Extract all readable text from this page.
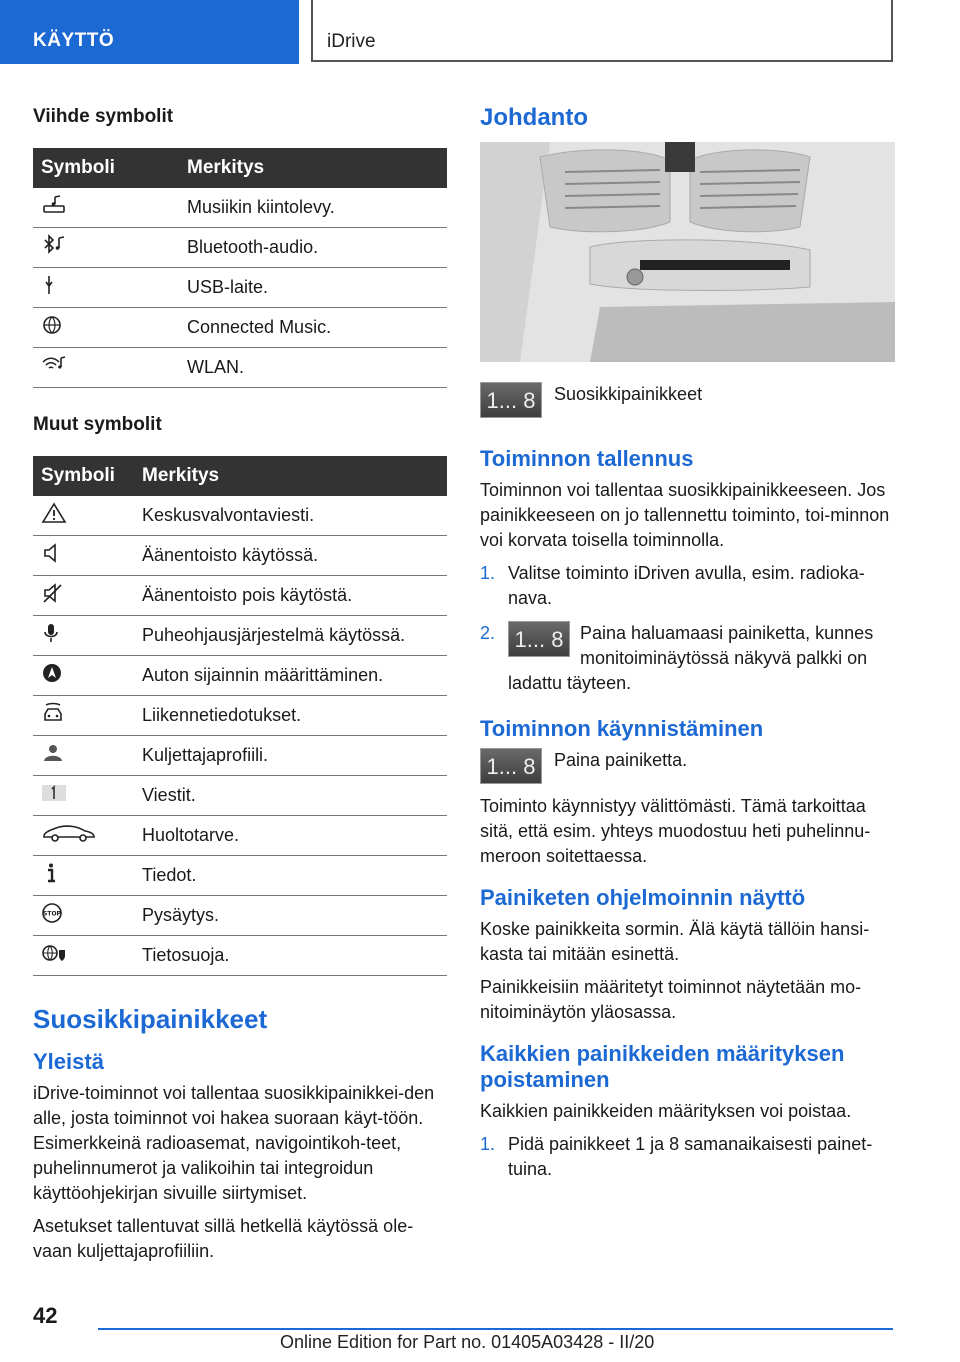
KÄYTTÖ	iDrive
Viihde symbolit
Symboli	Merkitys
	Musiikin kiintolevy.
	Bluetooth-audio.
	USB-laite.
	Connected Music.
	WLAN.
Muut symbolit
Symboli	Merkitys
	Keskusvalvontaviesti.
	Äänentoisto käytössä.
	Äänentoisto pois käytöstä.
	Puheohjausjärjestelmä käytössä.
	Auton sijainnin määrittäminen.
	Liikennetiedotukset.
	Kuljettajaprofiili.
	Viestit.
	Huoltotarve.
	Tiedot.

STOP	Pysäytys.
	Tietosuoja.
Suosikkipainikkeet
Yleistä

iDrive-toiminnot voi tallentaa suosikkipainikkei-den alle, josta toiminnot voi hakea suoraan käyt-töön. Esimerkkeinä radioasemat, navigointikoh-teet, puhelinnumerot ja valikoihin tai integroidun käyttöohjekirjan sivuille siirtymiset.

Asetukset tallentuvat sillä hetkellä käytössä ole-vaan kuljettajaprofiiliin.

Johdanto
1... 8	Suosikkipainikkeet
Toiminnon tallennus

Toiminnon voi tallentaa suosikkipainikkeeseen. Jos painikkeeseen on jo tallennettu toiminto, toi-minnon voi korvata toisella toiminnolla.

1. Valitse toiminto iDriven avulla, esim. radioka-nava.
2. 1... 8 Paina haluamaasi painiketta, kunnes monitoiminäytössä näkyvä palkki on ladattu täyteen.
Toiminnon käynnistäminen
1... 8	Paina painiketta.

Toiminto käynnistyy välittömästi. Tämä tarkoittaa sitä, että esim. yhteys muodostuu heti puhelinnu-meroon soitettaessa.

Painiketen ohjelmoinnin näyttö

Koske painikkeita sormin. Älä käytä tällöin hansi-kasta tai mitään esinettä.

Painikkeisiin määritetyt toiminnot näytetään mo-nitoiminäytön yläosassa.

Kaikkien painikkeiden määrityksen poistaminen

Kaikkien painikkeiden määrityksen voi poistaa.

1. Pidä painikkeet 1 ja 8 samanaikaisesti painet-tuina.
42
Online Edition for Part no. 01405A03428 - II/20
